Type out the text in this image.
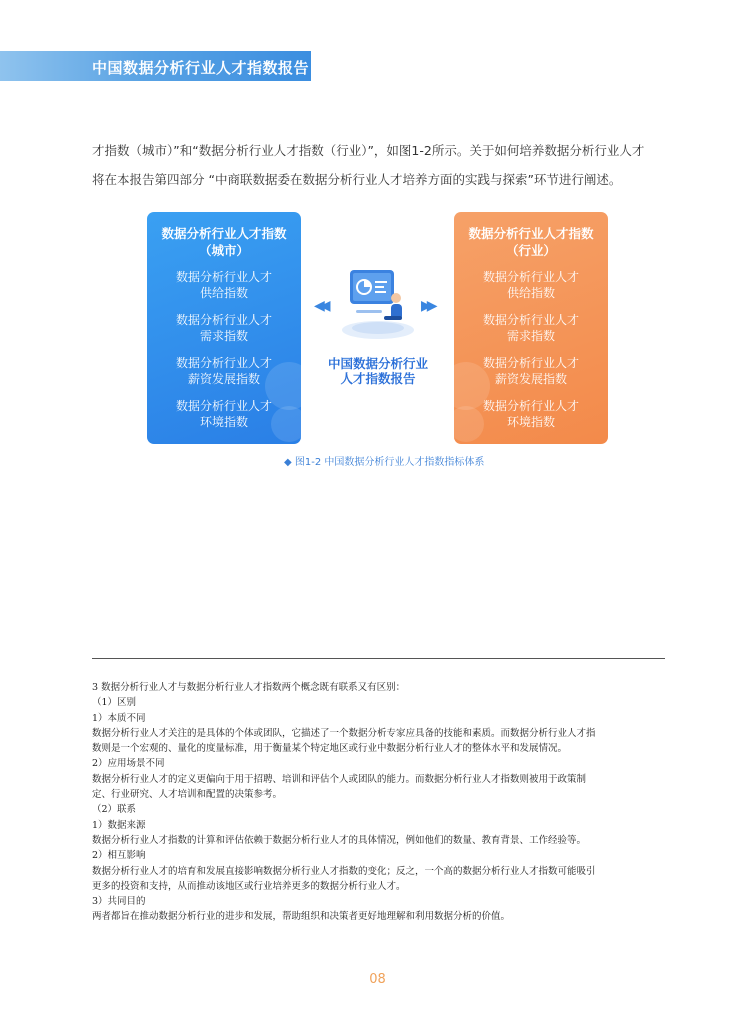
中国数据分析行业人才指数报告

才指数（城市）”和“数据分析行业人才指数（行业）”，如图1-2所示。关于如何培养数据分析行业人才

将在本报告第四部分 “中商联数据委在数据分析行业人才培养方面的实践与探索”环节进行阐述。

数据分析行业人才指数
（城市）
数据分析行业人才
供给指数
数据分析行业人才
需求指数
数据分析行业人才
薪资发展指数
数据分析行业人才
环境指数
数据分析行业人才指数
（行业）
数据分析行业人才
供给指数
数据分析行业人才
需求指数
数据分析行业人才
薪资发展指数
数据分析行业人才
环境指数
◀◀	▶▶
中国数据分析行业
人才指数报告
◆ 图1-2 中国数据分析行业人才指数指标体系
3 数据分析行业人才与数据分析行业人才指数两个概念既有联系又有区别：
（1）区别
1）本质不同
数据分析行业人才关注的是具体的个体或团队，它描述了一个数据分析专家应具备的技能和素质。而数据分析行业人才指
数则是一个宏观的、量化的度量标准，用于衡量某个特定地区或行业中数据分析行业人才的整体水平和发展情况。
2）应用场景不同
数据分析行业人才的定义更偏向于用于招聘、培训和评估个人或团队的能力。而数据分析行业人才指数则被用于政策制
定、行业研究、人才培训和配置的决策参考。
（2）联系
1）数据来源
数据分析行业人才指数的计算和评估依赖于数据分析行业人才的具体情况，例如他们的数量、教育背景、工作经验等。
2）相互影响
数据分析行业人才的培育和发展直接影响数据分析行业人才指数的变化；反之，一个高的数据分析行业人才指数可能吸引
更多的投资和支持，从而推动该地区或行业培养更多的数据分析行业人才。
3）共同目的
两者都旨在推动数据分析行业的进步和发展，帮助组织和决策者更好地理解和利用数据分析的价值。
08
